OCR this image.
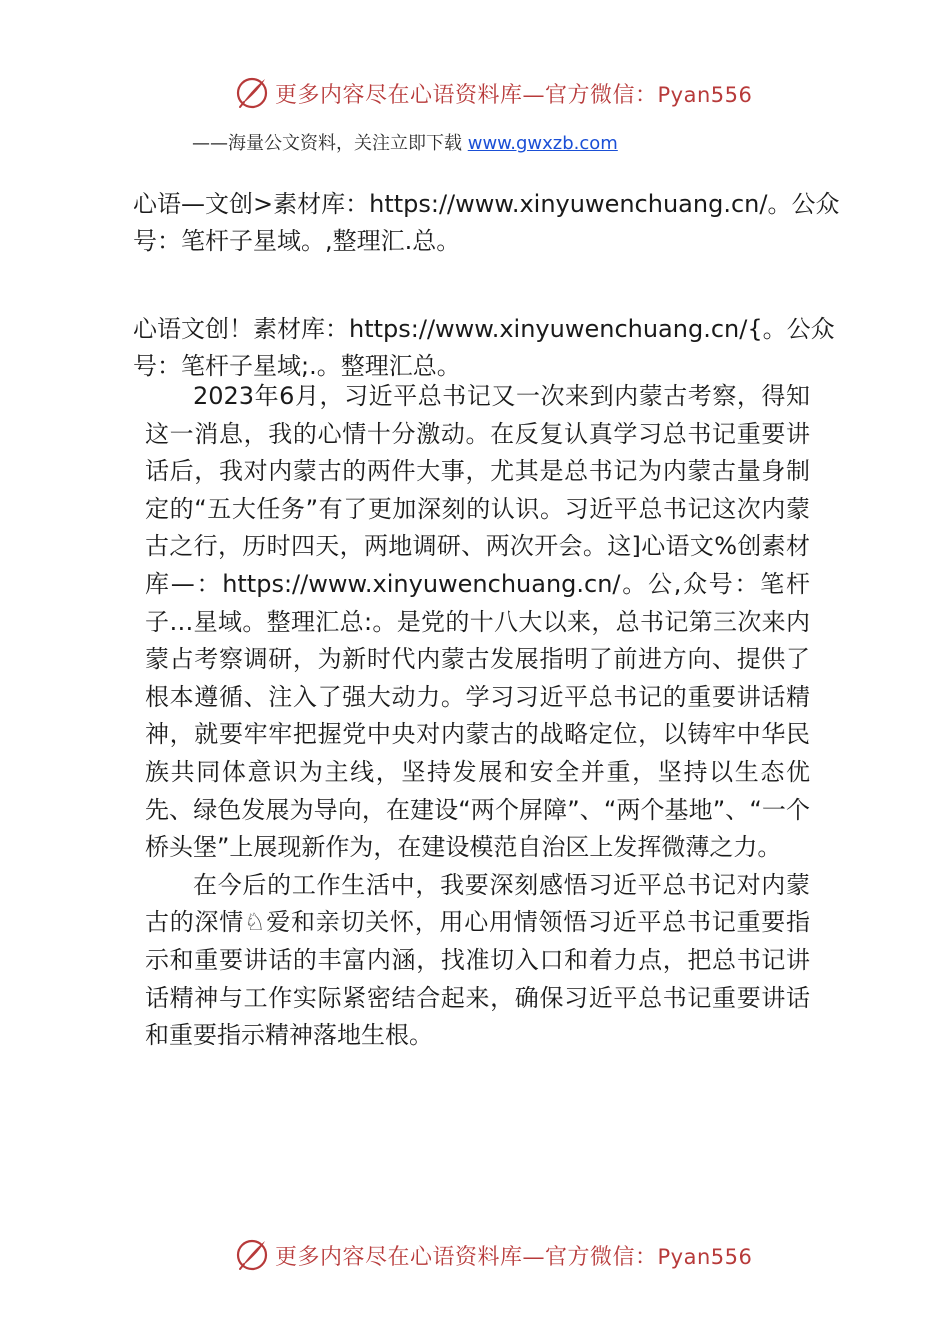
更多内容尽在心语资料库—官方微信：Pyan556
——海量公文资料，关注立即下载 www.gwxzb.com

心语—文创>素材库：https://www.xinyuwenchuang.cn/。公众号：笔杆子星域。,整理汇.总。

心语文创！素材库：https://www.xinyuwenchuang.cn/{。公众号：笔杆子星域;.。整理汇总。

2023年6月，习近平总书记又一次来到内蒙古考察，得知这一消息，我的心情十分激动。在反复认真学习总书记重要讲话后，我对内蒙古的两件大事，尤其是总书记为内蒙古量身制定的“五大任务”有了更加深刻的认识。习近平总书记这次内蒙古之行，历时四天，两地调研、两次开会。这]心语文%创素材库—：https://www.xinyuwenchuang.cn/。公,众号：笔杆子…星域。整理汇总:。是党的十八大以来，总书记第三次来内蒙占考察调研，为新时代内蒙古发展指明了前进方向、提供了根本遵循、注入了强大动力。学习习近平总书记的重要讲话精神，就要牢牢把握党中央对内蒙古的战略定位，以铸牢中华民族共同体意识为主线，坚持发展和安全并重，坚持以生态优先、绿色发展为导向，在建设“两个屏障”、“两个基地”、“一个桥头堡”上展现新作为，在建设模范自治区上发挥微薄之力。

在今后的工作生活中，我要深刻感悟习近平总书记对内蒙古的深情♘爱和亲切关怀，用心用情领悟习近平总书记重要指示和重要讲话的丰富内涵，找准切入口和着力点，把总书记讲话精神与工作实际紧密结合起来，确保习近平总书记重要讲话和重要指示精神落地生根。

更多内容尽在心语资料库—官方微信：Pyan556
